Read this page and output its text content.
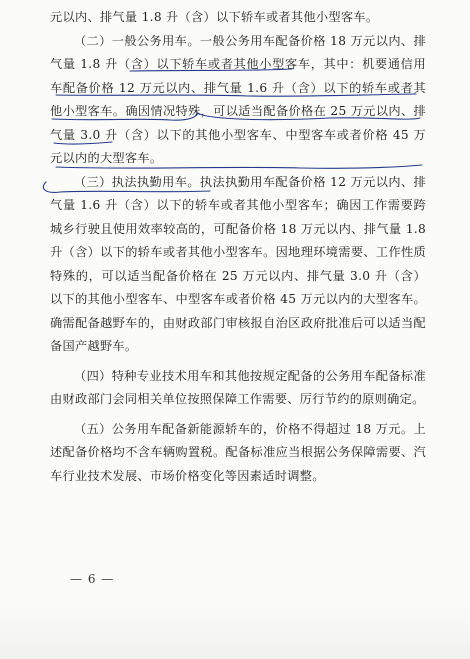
元以内、排气量 1.8 升（含）以下轿车或者其他小型客车。

（二）一般公务用车。一般公务用车配备价格 18 万元以内、排气量 1.8 升（含）以下轿车或者其他小型客车，其中：机要通信用车配备价格 12 万元以内、排气量 1.6 升（含）以下的轿车或者其他小型客车。确因情况特殊，可以适当配备价格在 25 万元以内、排气量 3.0 升（含）以下的其他小型客车、中型客车或者价格 45 万元以内的大型客车。

（三）执法执勤用车。执法执勤用车配备价格 12 万元以内、排气量 1.6 升（含）以下的轿车或者其他小型客车；确因工作需要跨城乡行驶且使用效率较高的，可配备价格 18 万元以内、排气量 1.8 升（含）以下的轿车或者其他小型客车。因地理环境需要、工作性质特殊的，可以适当配备价格在 25 万元以内、排气量 3.0 升（含）以下的其他小型客车、中型客车或者价格 45 万元以内的大型客车。确需配备越野车的，由财政部门审核报自治区政府批准后可以适当配备国产越野车。

（四）特种专业技术用车和其他按规定配备的公务用车配备标准由财政部门会同相关单位按照保障工作需要、厉行节约的原则确定。

（五）公务用车配备新能源轿车的，价格不得超过 18 万元。上述配备价格均不含车辆购置税。配备标准应当根据公务保障需要、汽车行业技术发展、市场价格变化等因素适时调整。

— 6 —
